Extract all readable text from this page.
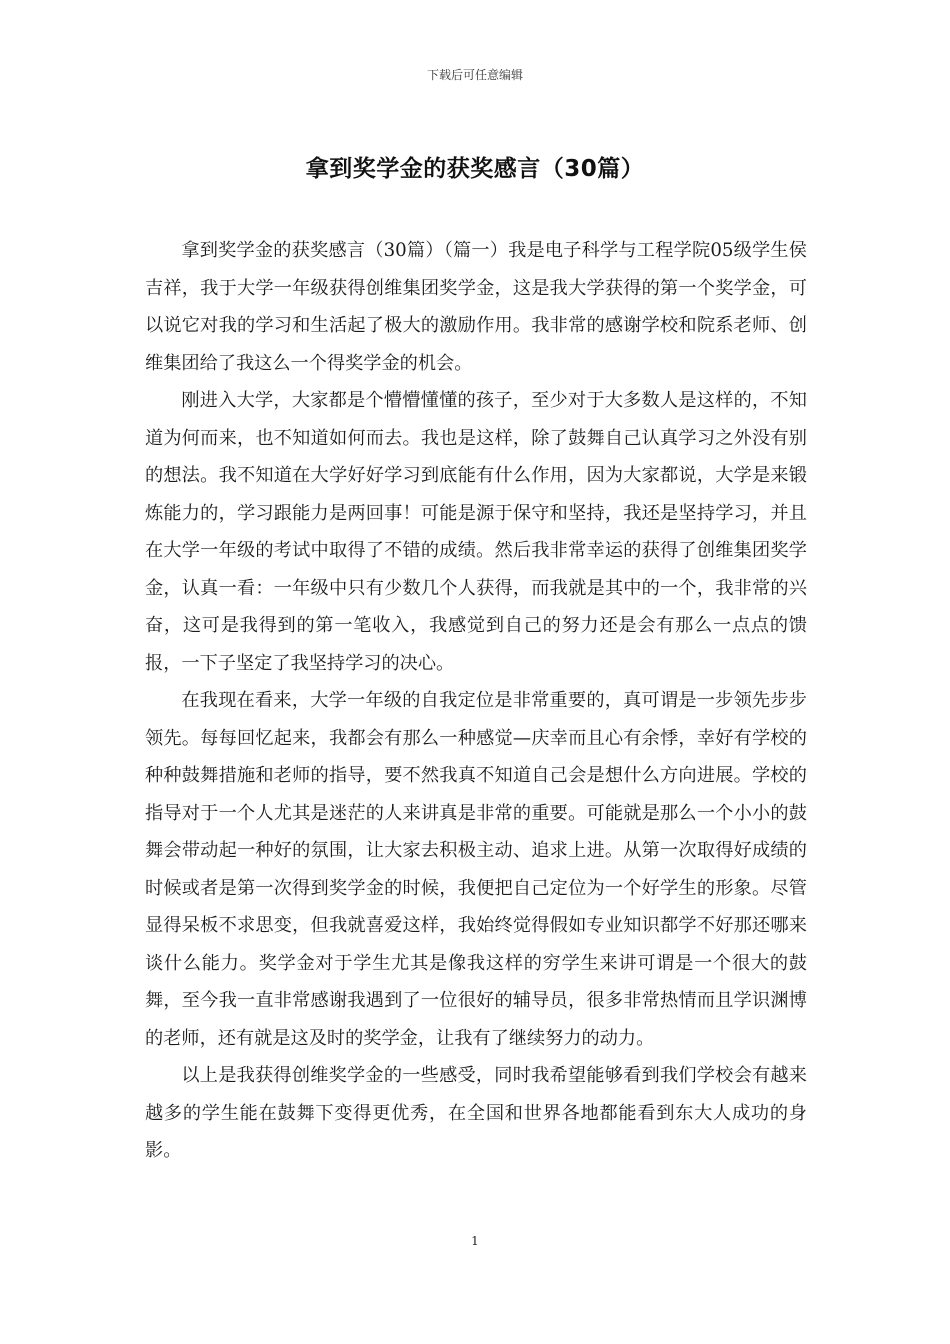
下载后可任意编辑
拿到奖学金的获奖感言（30篇）

拿到奖学金的获奖感言（30篇）（篇一）我是电子科学与工程学院05级学生侯吉祥，我于大学一年级获得创维集团奖学金，这是我大学获得的第一个奖学金，可以说它对我的学习和生活起了极大的激励作用。我非常的感谢学校和院系老师、创维集团给了我这么一个得奖学金的机会。

刚进入大学，大家都是个懵懵懂懂的孩子，至少对于大多数人是这样的，不知道为何而来，也不知道如何而去。我也是这样，除了鼓舞自己认真学习之外没有别的想法。我不知道在大学好好学习到底能有什么作用，因为大家都说，大学是来锻炼能力的，学习跟能力是两回事！可能是源于保守和坚持，我还是坚持学习，并且在大学一年级的考试中取得了不错的成绩。然后我非常幸运的获得了创维集团奖学金，认真一看：一年级中只有少数几个人获得，而我就是其中的一个，我非常的兴奋，这可是我得到的第一笔收入，我感觉到自己的努力还是会有那么一点点的馈报，一下子坚定了我坚持学习的决心。

在我现在看来，大学一年级的自我定位是非常重要的，真可谓是一步领先步步领先。每每回忆起来，我都会有那么一种感觉—庆幸而且心有余悸，幸好有学校的种种鼓舞措施和老师的指导，要不然我真不知道自己会是想什么方向进展。学校的指导对于一个人尤其是迷茫的人来讲真是非常的重要。可能就是那么一个小小的鼓舞会带动起一种好的氛围，让大家去积极主动、追求上进。从第一次取得好成绩的时候或者是第一次得到奖学金的时候，我便把自己定位为一个好学生的形象。尽管显得呆板不求思变，但我就喜爱这样，我始终觉得假如专业知识都学不好那还哪来谈什么能力。奖学金对于学生尤其是像我这样的穷学生来讲可谓是一个很大的鼓舞，至今我一直非常感谢我遇到了一位很好的辅导员，很多非常热情而且学识渊博的老师，还有就是这及时的奖学金，让我有了继续努力的动力。

以上是我获得创维奖学金的一些感受，同时我希望能够看到我们学校会有越来越多的学生能在鼓舞下变得更优秀，在全国和世界各地都能看到东大人成功的身影。

1
